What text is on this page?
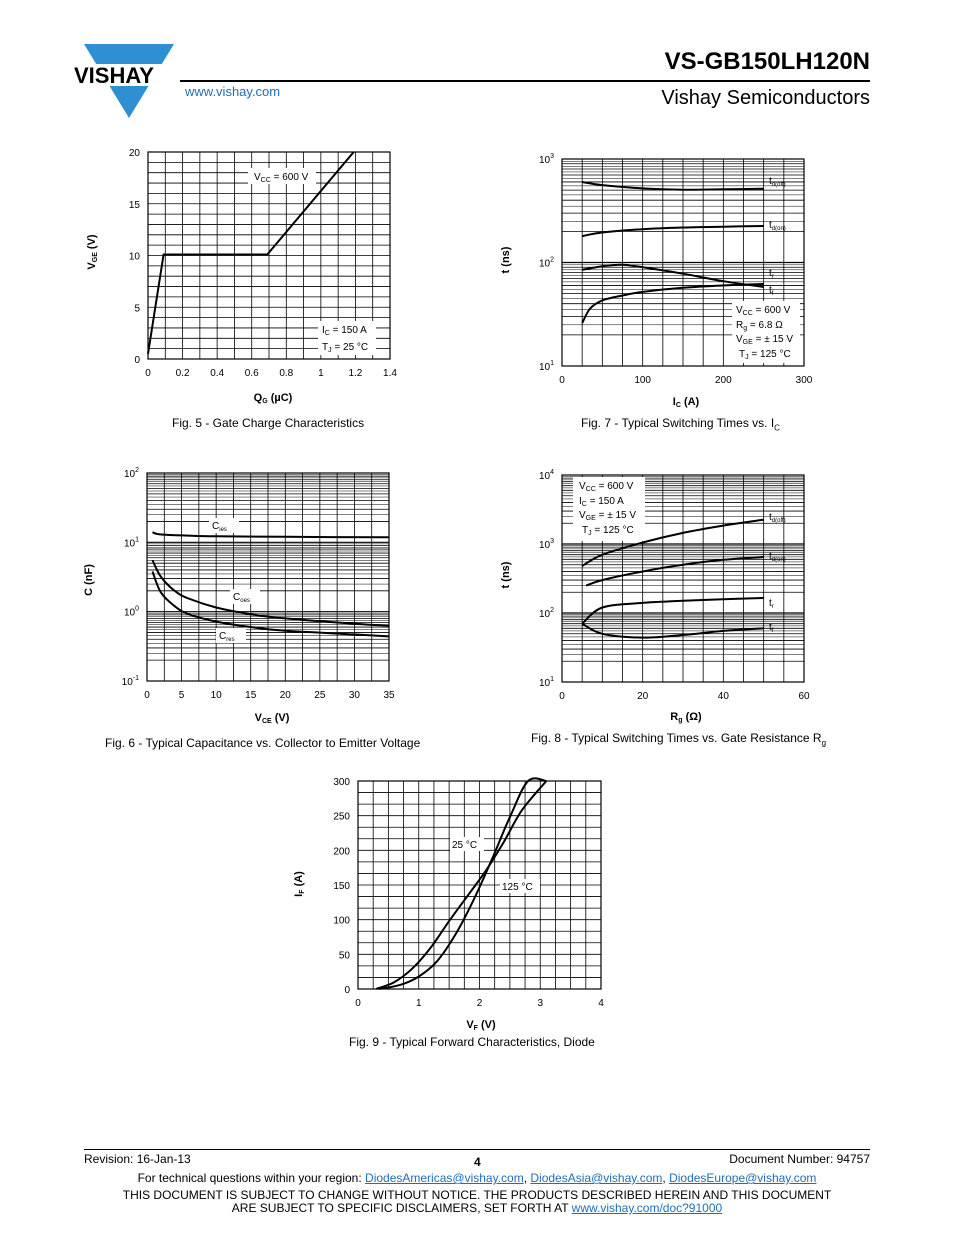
VISHAY
www.vishay.com
VS-GB150LH120N
Vishay Semiconductors
0 0.2 0.4 0.6 0.8 1 1.2 1.4
0
5
10
15
20
VGE (V)
QG (µC)
$V_{CC} = 600$ V
$I_C = 150$ A
$T_J = 25$ °C
Fig. 5 - Gate Charge Characteristics
0	100	200	300
$10^1$
$10^2$
$10^3$
t (ns)
IC (A)
$t_{d(off)}$
$t_{d(on)}$
$t_r$
$t_f$
$V_{CC} = 600$ V
$R_g = 6.8$ Ω
$V_{GE}$ = ± 15 V
$T_J = 125$ °C
Fig. 7 - Typical Switching Times vs. $I_C$
0	5	10 15 20 25 30 35
$10^{-1}$
$10^0$
$10^1$
$10^2$
C (nF)
VCE (V)
$C_{ies}$
$C_{oes}$
$C_{res}$
Fig. 6 - Typical Capacitance vs. Collector to Emitter Voltage
0	20	40	60
$10^1$
$10^2$
$10^3$
$10^4$
t (ns)
Rg (Ω)
$V_{CC} = 600$ V
$I_C = 150$ A
$V_{GE}$ = ± 15 V
$T_J = 125$ °C
$t_{d(off)}$
$t_{d(on)}$
$t_r$
$t_f$
Fig. 8 - Typical Switching Times vs. Gate Resistance $R_g$
0	1	2	3	4
0
50
100
150
200
250
300
IF (A)
VF (V)
25 °C
125 °C
Fig. 9 - Typical Forward Characteristics, Diode
Revision: 16-Jan-13	4	Document Number: 94757
For technical questions within your region: DiodesAmericas@vishay.com, DiodesAsia@vishay.com, DiodesEurope@vishay.com
THIS DOCUMENT IS SUBJECT TO CHANGE WITHOUT NOTICE. THE PRODUCTS DESCRIBED HEREIN AND THIS DOCUMENT
ARE SUBJECT TO SPECIFIC DISCLAIMERS, SET FORTH AT www.vishay.com/doc?91000
